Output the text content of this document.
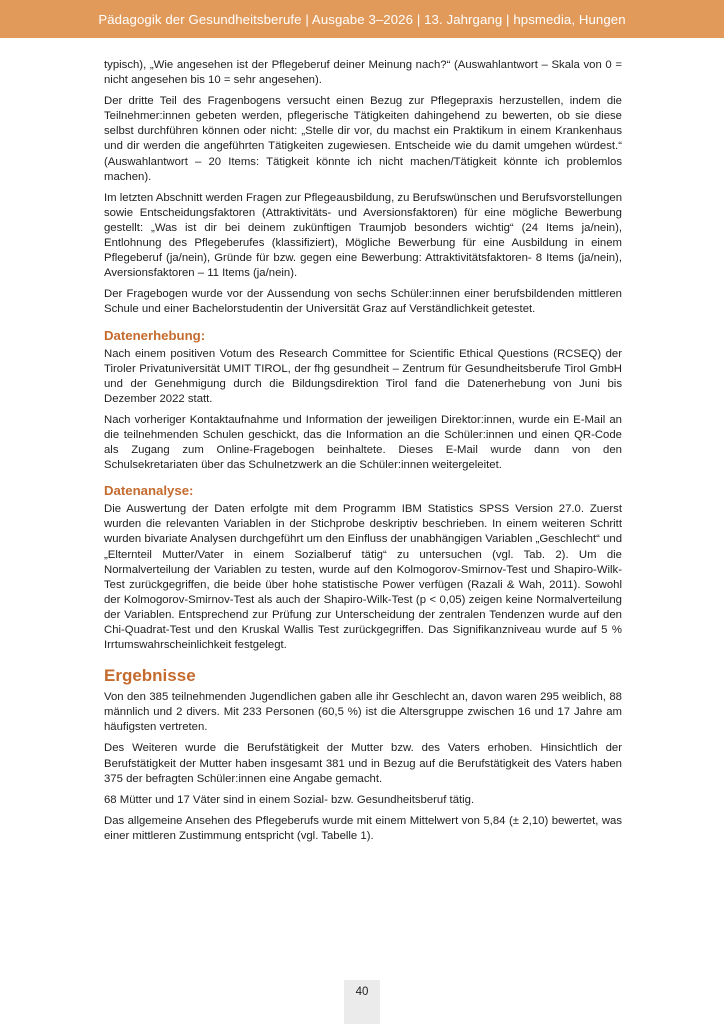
Pädagogik der Gesundheitsberufe | Ausgabe 3–2026 | 13. Jahrgang | hpsmedia, Hungen

typisch), „Wie angesehen ist der Pflegeberuf deiner Meinung nach?“ (Auswahlantwort – Skala von 0 = nicht angesehen bis 10 = sehr angesehen).

Der dritte Teil des Fragenbogens versucht einen Bezug zur Pflegepraxis herzustellen, indem die Teilnehmer:innen gebeten werden, pflegerische Tätigkeiten dahingehend zu bewerten, ob sie diese selbst durchführen können oder nicht: „Stelle dir vor, du machst ein Praktikum in einem Krankenhaus und dir werden die angeführten Tätigkeiten zugewiesen. Entscheide wie du damit umgehen würdest.“ (Auswahlantwort – 20 Items: Tätigkeit könnte ich nicht machen/Tätigkeit könnte ich problemlos machen).

Im letzten Abschnitt werden Fragen zur Pflegeausbildung, zu Berufswünschen und Berufsvorstellungen sowie Entscheidungsfaktoren (Attraktivitäts- und Aversionsfaktoren) für eine mögliche Bewerbung gestellt: „Was ist dir bei deinem zukünftigen Traumjob besonders wichtig“ (24 Items ja/nein), Entlohnung des Pflegeberufes (klassifiziert), Mögliche Bewerbung für eine Ausbildung in einem Pflegeberuf (ja/nein), Gründe für bzw. gegen eine Bewerbung: Attraktivitätsfaktoren- 8 Items (ja/nein), Aversionsfaktoren – 11 Items (ja/nein).

Der Fragebogen wurde vor der Aussendung von sechs Schüler:innen einer berufsbildenden mittleren Schule und einer Bachelorstudentin der Universität Graz auf Verständlichkeit getestet.

Datenerhebung:

Nach einem positiven Votum des Research Committee for Scientific Ethical Questions (RCSEQ) der Tiroler Privatuniversität UMIT TIROL, der fhg gesundheit – Zentrum für Gesundheitsberufe Tirol GmbH und der Genehmigung durch die Bildungsdirektion Tirol fand die Datenerhebung von Juni bis Dezember 2022 statt.

Nach vorheriger Kontaktaufnahme und Information der jeweiligen Direktor:innen, wurde ein E-Mail an die teilnehmenden Schulen geschickt, das die Information an die Schüler:innen und einen QR-Code als Zugang zum Online-Fragebogen beinhaltete. Dieses E-Mail wurde dann von den Schulsekretariaten über das Schulnetzwerk an die Schüler:innen weitergeleitet.

Datenanalyse:

Die Auswertung der Daten erfolgte mit dem Programm IBM Statistics SPSS Version 27.0. Zuerst wurden die relevanten Variablen in der Stichprobe deskriptiv beschrieben. In einem weiteren Schritt wurden bivariate Analysen durchgeführt um den Einfluss der unabhängigen Variablen „Geschlecht“ und „Elternteil Mutter/Vater in einem Sozialberuf tätig“ zu untersuchen (vgl. Tab. 2). Um die Normalverteilung der Variablen zu testen, wurde auf den Kolmogorov-Smirnov-Test und Shapiro-Wilk-Test zurückgegriffen, die beide über hohe statistische Power verfügen (Razali & Wah, 2011). Sowohl der Kolmogorov-Smirnov-Test als auch der Shapiro-Wilk-Test (p < 0,05) zeigen keine Normalverteilung der Variablen. Entsprechend zur Prüfung zur Unterscheidung der zentralen Tendenzen wurde auf den Chi-Quadrat-Test und den Kruskal Wallis Test zurückgegriffen. Das Signifikanzniveau wurde auf 5 % Irrtumswahrscheinlichkeit festgelegt.

Ergebnisse

Von den 385 teilnehmenden Jugendlichen gaben alle ihr Geschlecht an, davon waren 295 weiblich, 88 männlich und 2 divers. Mit 233 Personen (60,5 %) ist die Altersgruppe zwischen 16 und 17 Jahre am häufigsten vertreten.

Des Weiteren wurde die Berufstätigkeit der Mutter bzw. des Vaters erhoben. Hinsichtlich der Berufstätigkeit der Mutter haben insgesamt 381 und in Bezug auf die Berufstätigkeit des Vaters haben 375 der befragten Schüler:innen eine Angabe gemacht.

68 Mütter und 17 Väter sind in einem Sozial- bzw. Gesundheitsberuf tätig.

Das allgemeine Ansehen des Pflegeberufs wurde mit einem Mittelwert von 5,84 (± 2,10) bewertet, was einer mittleren Zustimmung entspricht (vgl. Tabelle 1).

40
